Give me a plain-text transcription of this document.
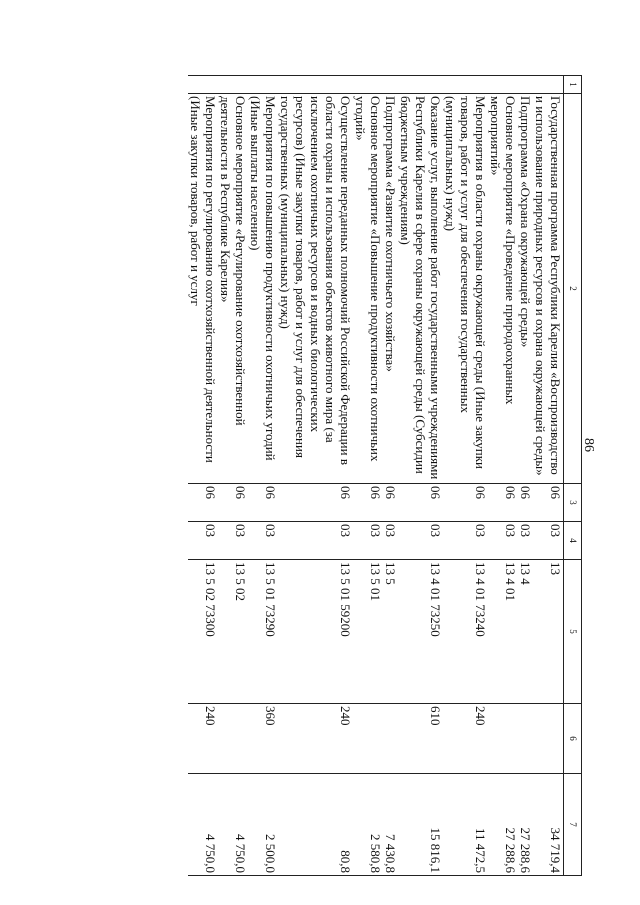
86
1	2	3	4	5	6	7
	Государственная программа Республики Карелия «Воспроизводство и использование природных ресурсов и охрана окружающей среды»	06	03	13		34 719,4
	Подпрограмма «Охрана окружающей среды»	06	03	13 4		27 288,6
	Основное мероприятие «Проведение природоохранных мероприятий»	06	03	13 4 01		27 288,6
	Мероприятия в области охраны окружающей среды (Иные закупки товаров, работ и услуг для обеспечения государственных (муниципальных) нужд)	06	03	13 4 01 73240	240	11 472,5
	Оказание услуг, выполнение работ государственными учреждениями Республики Карелия в сфере охраны окружающей среды (Субсидии бюджетным учреждениям)	06	03	13 4 01 73250	610	15 816,1
	Подпрограмма «Развитие охотничьего хозяйства»	06	03	13 5		7 430,8
	Основное мероприятие «Повышение продуктивности охотничьих угодий»	06	03	13 5 01		2 580,8
	Осуществление переданных полномочий Российской Федерации в области охраны и использования объектов животного мира (за исключением охотничьих ресурсов и водных биологических ресурсов) (Иные закупки товаров, работ и услуг для обеспечения государственных (муниципальных) нужд)	06	03	13 5 01 59200	240	80,8
	Мероприятия по повышению продуктивности охотничьих угодий (Иные выплаты населению)	06	03	13 5 01 73290	360	2 500,0
	Основное мероприятие «Регулирование охотхозяйственной деятельности в Республике Карелия»	06	03	13 5 02		4 750,0
	Мероприятия по регулированию охотхозяйственной деятельности (Иные закупки товаров, работ и услуг	06	03	13 5 02 73300	240	4 750,0
